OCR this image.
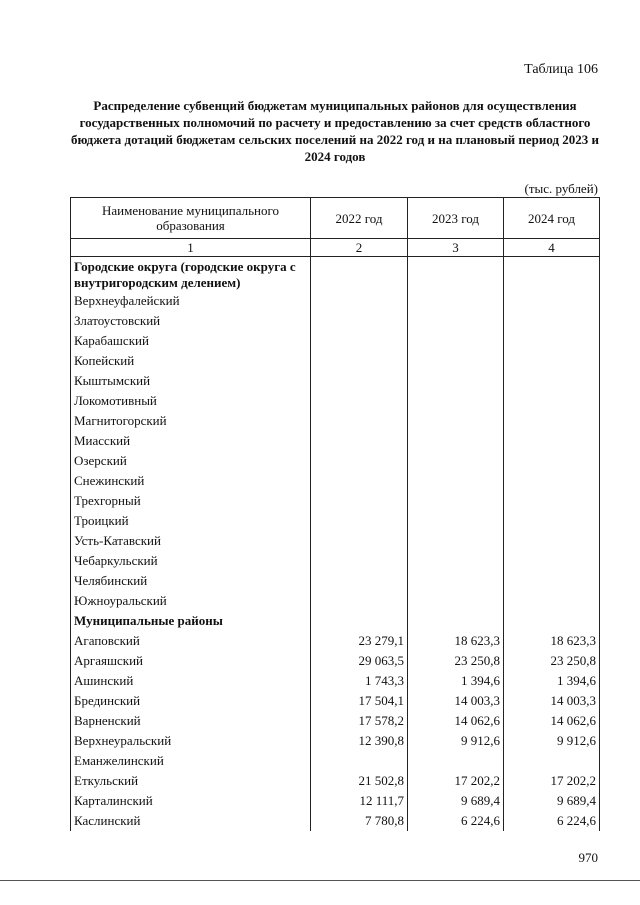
Таблица 106
Распределение субвенций бюджетам муниципальных районов для осуществления государственных полномочий по расчету и предоставлению за счет средств областного бюджета дотаций бюджетам сельских поселений на 2022 год и на плановый период 2023 и 2024 годов
(тыс. рублей)
Наименование муниципального образования	2022 год	2023 год	2024 год
1	2	3	4
Городские округа (городские округа с внутригородским делением)			
Верхнеуфалейский			
Златоустовский			
Карабашский			
Копейский			
Кыштымский			
Локомотивный			
Магнитогорский			
Миасский			
Озерский			
Снежинский			
Трехгорный			
Троицкий			
Усть-Катавский			
Чебаркульский			
Челябинский			
Южноуральский			
Муниципальные районы			
Агаповский	23 279,1	18 623,3	18 623,3
Аргаяшский	29 063,5	23 250,8	23 250,8
Ашинский	1 743,3	1 394,6	1 394,6
Брединский	17 504,1	14 003,3	14 003,3
Варненский	17 578,2	14 062,6	14 062,6
Верхнеуральский	12 390,8	9 912,6	9 912,6
Еманжелинский			
Еткульский	21 502,8	17 202,2	17 202,2
Карталинский	12 111,7	9 689,4	9 689,4
Каслинский	7 780,8	6 224,6	6 224,6
970
